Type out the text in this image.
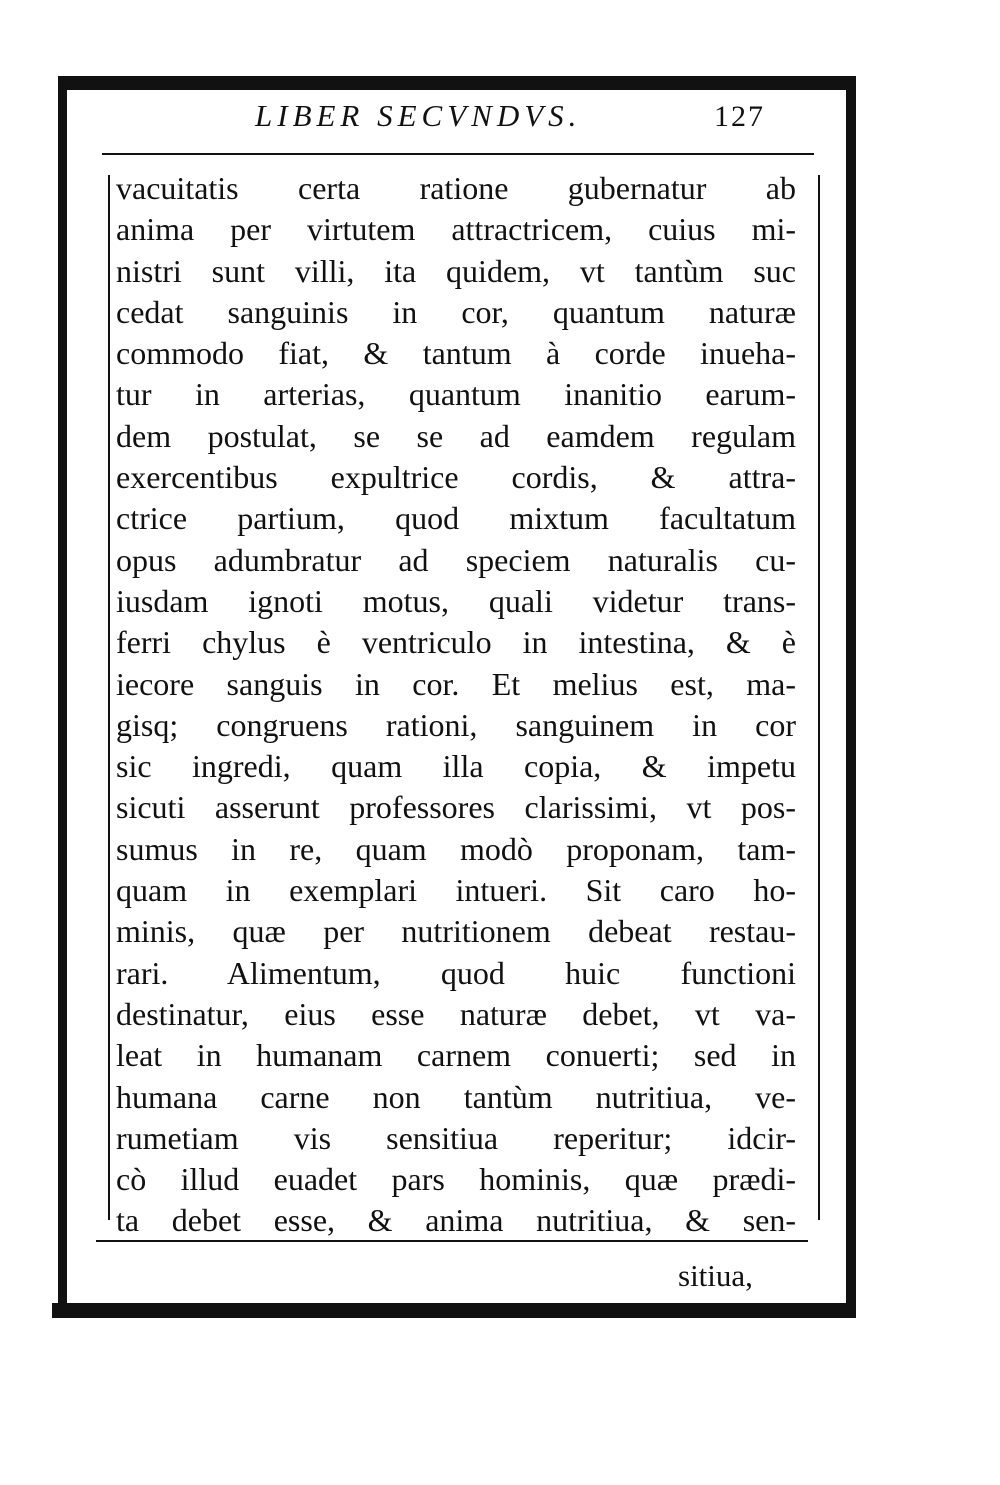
LIBER SECVNDVS.	127
vacuitatis certa ratione gubernatur ab
anima per virtutem attractricem, cuius mi-
nistri sunt villi, ita quidem, vt tantùm suc
cedat sanguinis in cor, quantum naturæ
commodo fiat, & tantum à corde inueha-
tur in arterias, quantum inanitio earum-
dem postulat, se se ad eamdem regulam
exercentibus expultrice cordis, & attra-
ctrice partium, quod mixtum facultatum
opus adumbratur ad speciem naturalis cu-
iusdam ignoti motus, quali videtur trans-
ferri chylus è ventriculo in intestina, & è
iecore sanguis in cor. Et melius est, ma-
gisq; congruens rationi, sanguinem in cor
sic ingredi, quam illa copia, & impetu
sicuti asserunt professores clarissimi, vt pos-
sumus in re, quam modò proponam, tam-
quam in exemplari intueri. Sit caro ho-
minis, quæ per nutritionem debeat restau-
rari. Alimentum, quod huic functioni
destinatur, eius esse naturæ debet, vt va-
leat in humanam carnem conuerti; sed in
humana carne non tantùm nutritiua, ve-
rumetiam vis sensitiua reperitur; idcir-
cò illud euadet pars hominis, quæ prædi-
ta debet esse, & anima nutritiua, & sen-
sitiua,
